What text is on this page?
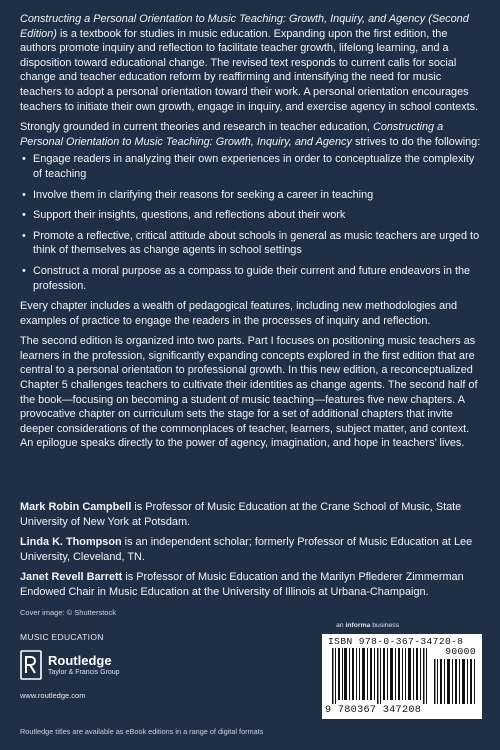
Constructing a Personal Orientation to Music Teaching: Growth, Inquiry, and Agency (Second Edition) is a textbook for studies in music education. Expanding upon the first edition, the authors promote inquiry and reflection to facilitate teacher growth, lifelong learning, and a disposition toward educational change. The revised text responds to current calls for social change and teacher education reform by reaffirming and intensifying the need for music teachers to adopt a personal orientation toward their work. A personal orientation encourages teachers to initiate their own growth, engage in inquiry, and exercise agency in school contexts.

Strongly grounded in current theories and research in teacher education, Constructing a Personal Orientation to Music Teaching: Growth, Inquiry, and Agency strives to do the following:

• Engage readers in analyzing their own experiences in order to conceptualize the complexity of teaching
• Involve them in clarifying their reasons for seeking a career in teaching
• Support their insights, questions, and reflections about their work
• Promote a reflective, critical attitude about schools in general as music teachers are urged to think of themselves as change agents in school settings
• Construct a moral purpose as a compass to guide their current and future endeavors in the profession.

Every chapter includes a wealth of pedagogical features, including new methodologies and examples of practice to engage the readers in the processes of inquiry and reflection.

The second edition is organized into two parts. Part I focuses on positioning music teachers as learners in the profession, significantly expanding concepts explored in the first edition that are central to a personal orientation to professional growth. In this new edition, a reconceptualized Chapter 5 challenges teachers to cultivate their identities as change agents. The second half of the book—focusing on becoming a student of music teaching—features five new chapters. A provocative chapter on curriculum sets the stage for a set of additional chapters that invite deeper considerations of the commonplaces of teacher, learners, subject matter, and context. An epilogue speaks directly to the power of agency, imagination, and hope in teachers’ lives.

Mark Robin Campbell is Professor of Music Education at the Crane School of Music, State University of New York at Potsdam.

Linda K. Thompson is an independent scholar; formerly Professor of Music Education at Lee University, Cleveland, TN.

Janet Revell Barrett is Professor of Music Education and the Marilyn Pflederer Zimmerman Endowed Chair in Music Education at the University of Illinois at Urbana-Champaign.

Cover image: © Shutterstock
an informa business
MUSIC EDUCATION
Routledge
Taylor & Francis Group
www.routledge.com
ISBN 978-0-367-34720-8
90000
9 780367 347208
Routledge titles are available as eBook editions in a range of digital formats
